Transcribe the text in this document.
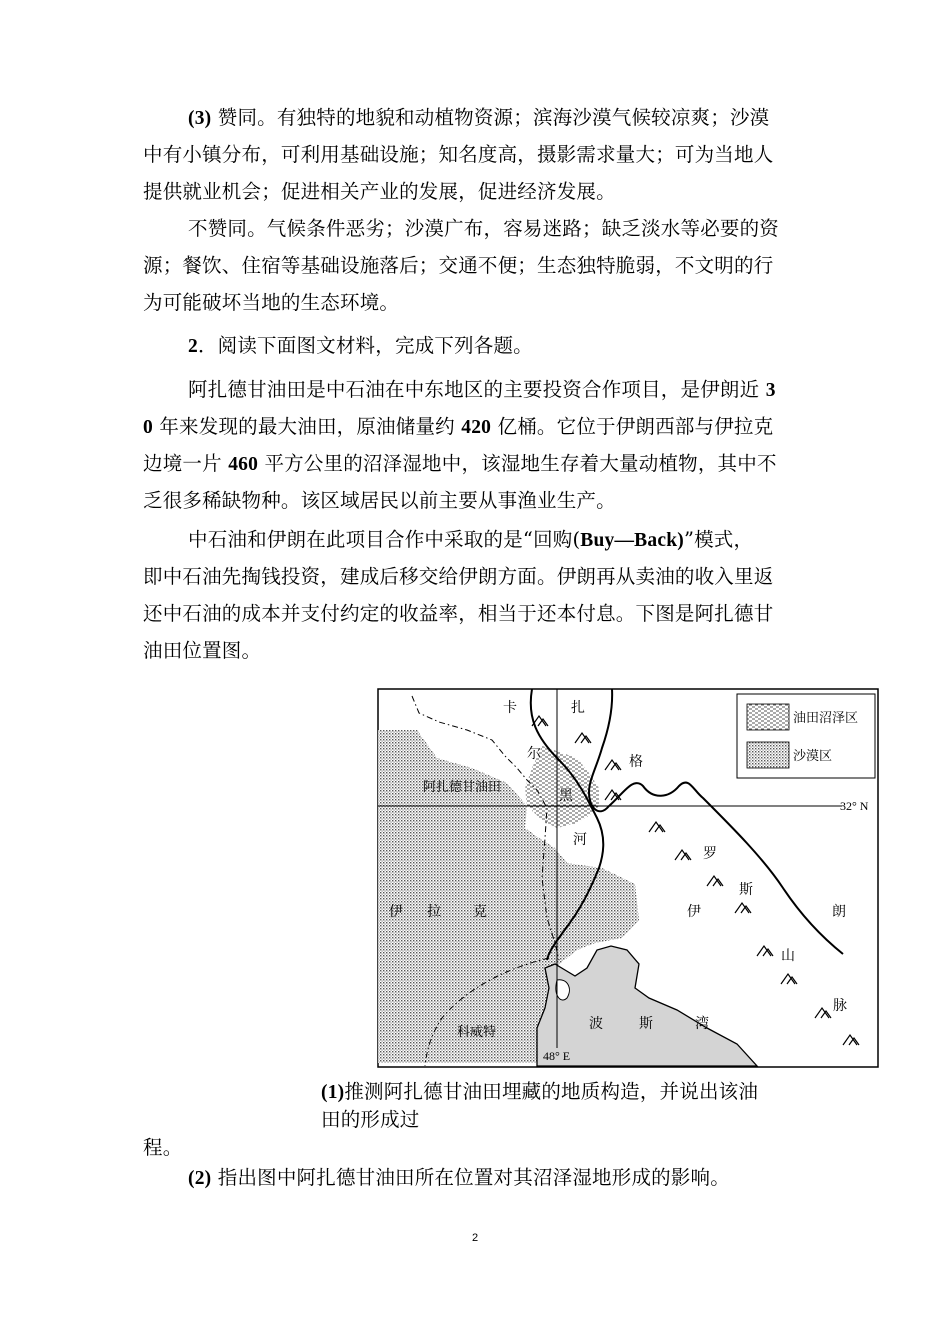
(3) 赞同。有独特的地貌和动植物资源；滨海沙漠气候较凉爽；沙漠
中有小镇分布，可利用基础设施；知名度高，摄影需求量大；可为当地人
提供就业机会；促进相关产业的发展，促进经济发展。
不赞同。气候条件恶劣；沙漠广布，容易迷路；缺乏淡水等必要的资
源；餐饮、住宿等基础设施落后；交通不便；生态独特脆弱，不文明的行
为可能破坏当地的生态环境。
2．阅读下面图文材料，完成下列各题。
阿扎德甘油田是中石油在中东地区的主要投资合作项目，是伊朗近 3
0 年来发现的最大油田，原油储量约 420 亿桶。它位于伊朗西部与伊拉克
边境一片 460 平方公里的沼泽湿地中，该湿地生存着大量动植物，其中不
乏很多稀缺物种。该区域居民以前主要从事渔业生产。
中石油和伊朗在此项目合作中采取的是“回购(Buy—Back)”模式，
即中石油先掏钱投资，建成后移交给伊朗方面。伊朗再从卖油的收入里返
还中石油的成本并支付约定的收益率，相当于还本付息。下图是阿扎德甘
油田位置图。
油田沼泽区
沙漠区
32° N
48° E
阿扎德甘油田
卡	扎
尔
黑
河
格
罗
斯
山
脉
伊 拉 克	伊	朗
波	斯	湾
科威特
(1)推测阿扎德甘油田埋藏的地质构造，并说出该油
田的形成过
程。
(2) 指出图中阿扎德甘油田所在位置对其沼泽湿地形成的影响。
2
